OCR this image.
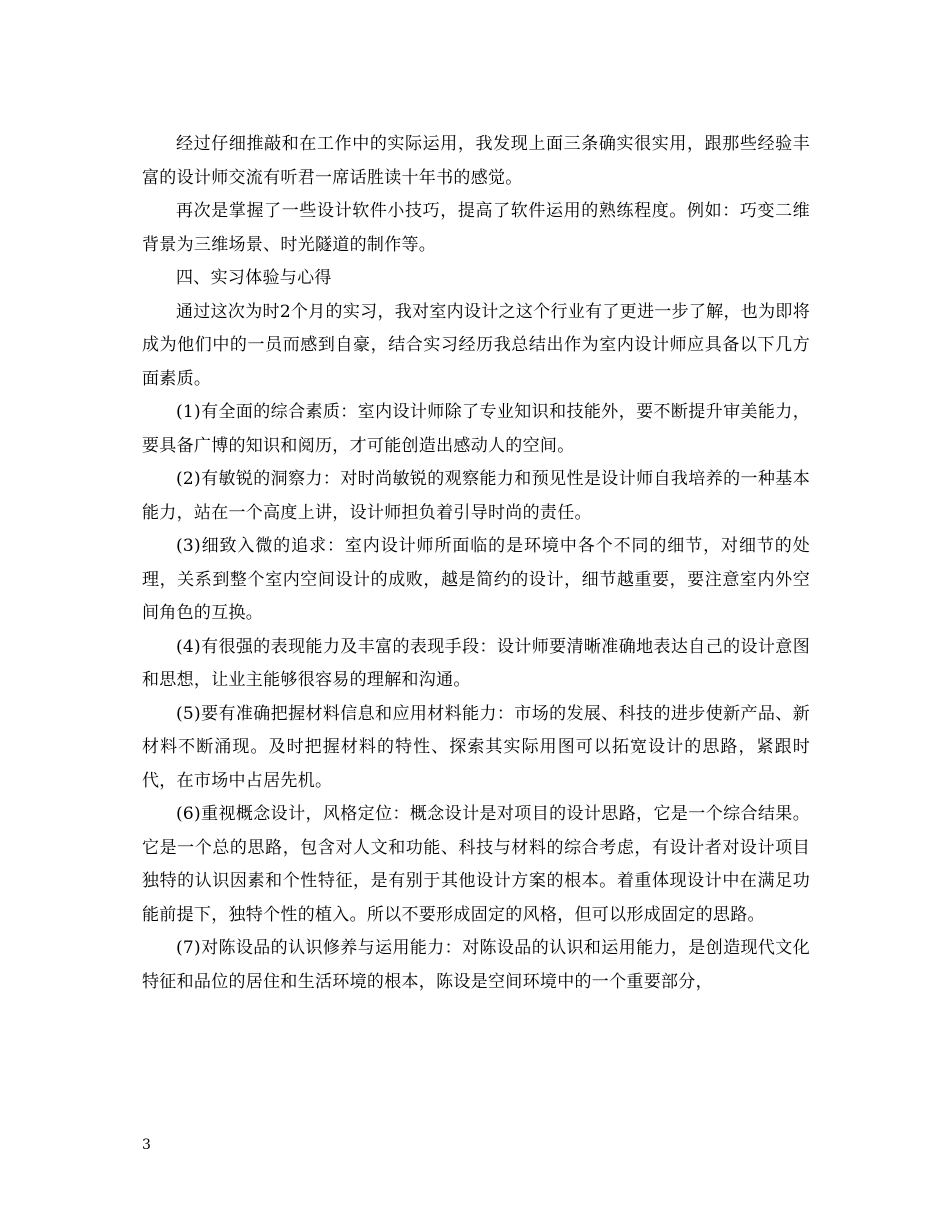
经过仔细推敲和在工作中的实际运用，我发现上面三条确实很实用，跟那些经验丰富的设计师交流有听君一席话胜读十年书的感觉。

再次是掌握了一些设计软件小技巧，提高了软件运用的熟练程度。例如：巧变二维背景为三维场景、时光隧道的制作等。

四、实习体验与心得

通过这次为时2个月的实习，我对室内设计之这个行业有了更进一步了解，也为即将成为他们中的一员而感到自豪，结合实习经历我总结出作为室内设计师应具备以下几方面素质。

(1)有全面的综合素质：室内设计师除了专业知识和技能外，要不断提升审美能力，要具备广博的知识和阅历，才可能创造出感动人的空间。

(2)有敏锐的洞察力：对时尚敏锐的观察能力和预见性是设计师自我培养的一种基本能力，站在一个高度上讲，设计师担负着引导时尚的责任。

(3)细致入微的追求：室内设计师所面临的是环境中各个不同的细节，对细节的处理，关系到整个室内空间设计的成败，越是简约的设计，细节越重要，要注意室内外空间角色的互换。

(4)有很强的表现能力及丰富的表现手段：设计师要清晰准确地表达自己的设计意图和思想，让业主能够很容易的理解和沟通。

(5)要有准确把握材料信息和应用材料能力：市场的发展、科技的进步使新产品、新材料不断涌现。及时把握材料的特性、探索其实际用图可以拓宽设计的思路，紧跟时代，在市场中占居先机。

(6)重视概念设计，风格定位：概念设计是对项目的设计思路，它是一个综合结果。它是一个总的思路，包含对人文和功能、科技与材料的综合考虑，有设计者对设计项目独特的认识因素和个性特征，是有别于其他设计方案的根本。着重体现设计中在满足功能前提下，独特个性的植入。所以不要形成固定的风格，但可以形成固定的思路。

(7)对陈设品的认识修养与运用能力：对陈设品的认识和运用能力，是创造现代文化特征和品位的居住和生活环境的根本，陈设是空间环境中的一个重要部分，

3
